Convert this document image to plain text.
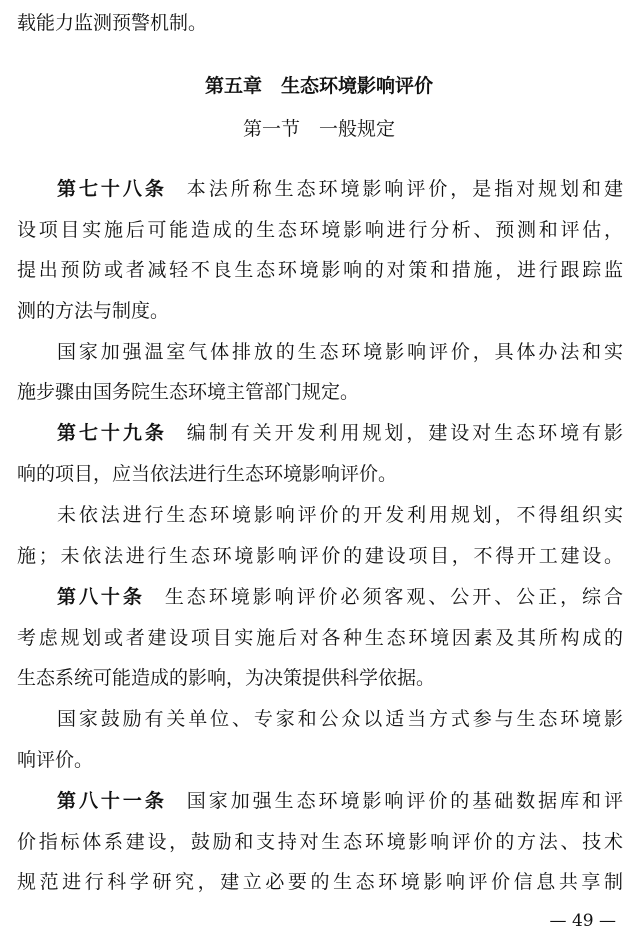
载能力监测预警机制。
第五章　生态环境影响评价
第一节　一般规定
第七十八条 本法所称生态环境影响评价，是指对规划和建
设项目实施后可能造成的生态环境影响进行分析、预测和评估，
提出预防或者减轻不良生态环境影响的对策和措施，进行跟踪监
测的方法与制度。
国家加强温室气体排放的生态环境影响评价，具体办法和实
施步骤由国务院生态环境主管部门规定。
第七十九条 编制有关开发利用规划，建设对生态环境有影
响的项目，应当依法进行生态环境影响评价。
未依法进行生态环境影响评价的开发利用规划，不得组织实
施；未依法进行生态环境影响评价的建设项目，不得开工建设。
第八十条 生态环境影响评价必须客观、公开、公正，综合
考虑规划或者建设项目实施后对各种生态环境因素及其所构成的
生态系统可能造成的影响，为决策提供科学依据。
国家鼓励有关单位、专家和公众以适当方式参与生态环境影
响评价。
第八十一条 国家加强生态环境影响评价的基础数据库和评
价指标体系建设，鼓励和支持对生态环境影响评价的方法、技术
规范进行科学研究，建立必要的生态环境影响评价信息共享制
— 49 —
